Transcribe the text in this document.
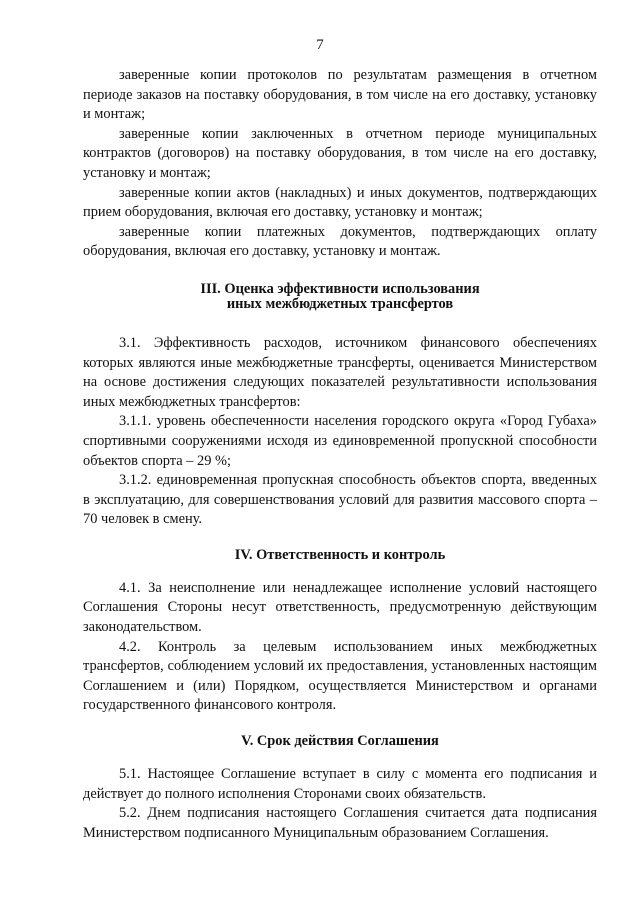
7

заверенные копии протоколов по результатам размещения в отчетном периоде заказов на поставку оборудования, в том числе на его доставку, установку и монтаж;

заверенные копии заключенных в отчетном периоде муниципальных контрактов (договоров) на поставку оборудования, в том числе на его доставку, установку и монтаж;

заверенные копии актов (накладных) и иных документов, подтверждающих прием оборудования, включая его доставку, установку и монтаж;

заверенные копии платежных документов, подтверждающих оплату оборудования, включая его доставку, установку и монтаж.

III. Оценка эффективности использования
иных межбюджетных трансфертов

3.1. Эффективность расходов, источником финансового обеспечениях которых являются иные межбюджетные трансферты, оценивается Министерством на основе достижения следующих показателей результативности использования иных межбюджетных трансфертов:

3.1.1. уровень обеспеченности населения городского округа «Город Губаха» спортивными сооружениями исходя из единовременной пропускной способности объектов спорта – 29 %;

3.1.2. единовременная пропускная способность объектов спорта, введенных в эксплуатацию, для совершенствования условий для развития массового спорта – 70 человек в смену.

IV. Ответственность и контроль

4.1. За неисполнение или ненадлежащее исполнение условий настоящего Соглашения Стороны несут ответственность, предусмотренную действующим законодательством.

4.2. Контроль за целевым использованием иных межбюджетных трансфертов, соблюдением условий их предоставления, установленных настоящим Соглашением и (или) Порядком, осуществляется Министерством и органами государственного финансового контроля.

V. Срок действия Соглашения

5.1. Настоящее Соглашение вступает в силу с момента его подписания и действует до полного исполнения Сторонами своих обязательств.

5.2. Днем подписания настоящего Соглашения считается дата подписания Министерством подписанного Муниципальным образованием Соглашения.
